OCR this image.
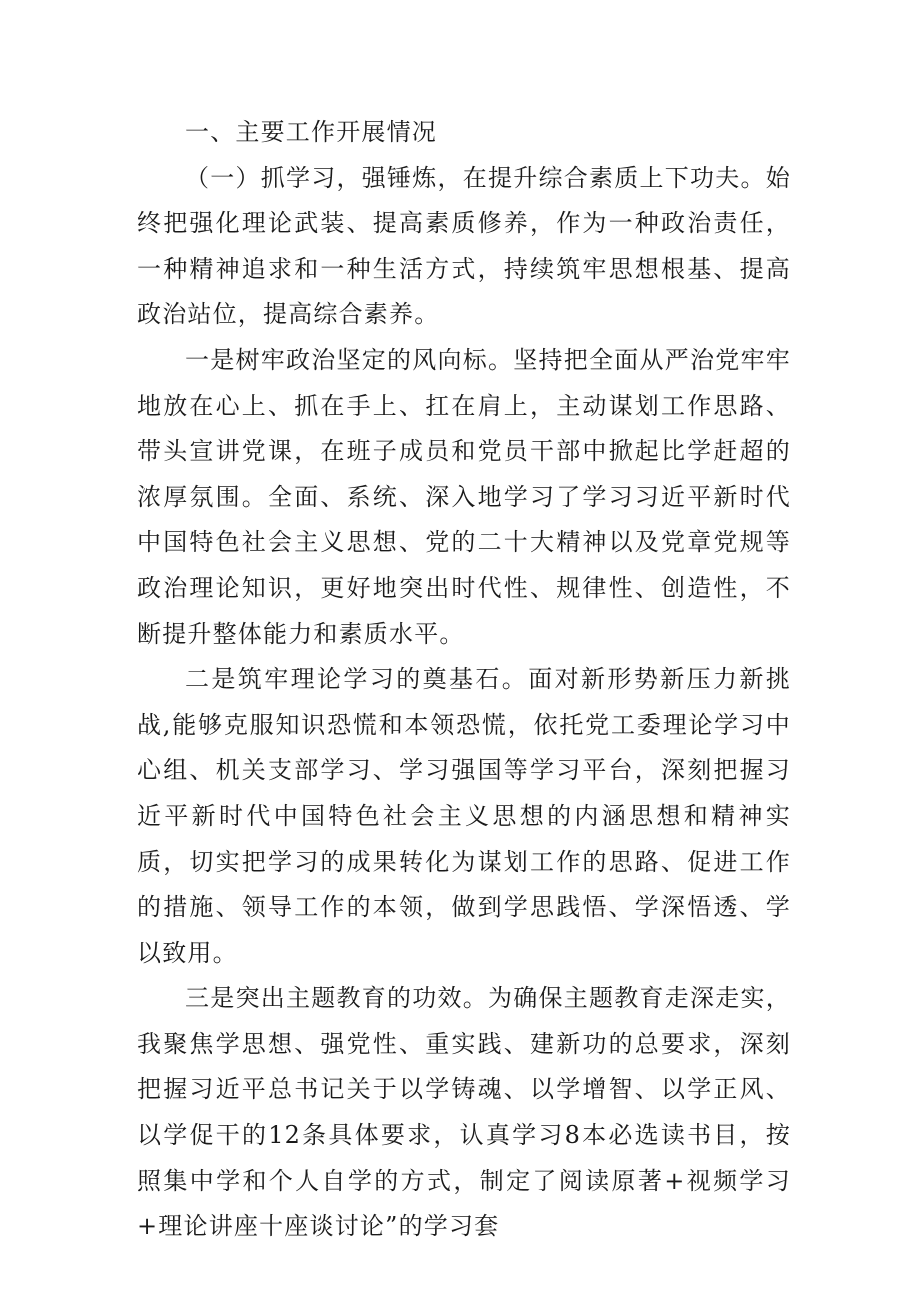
一、主要工作开展情况

（一）抓学习，强锤炼，在提升综合素质上下功夫。始终把强化理论武装、提高素质修养，作为一种政治责任，一种精神追求和一种生活方式，持续筑牢思想根基、提高政治站位，提高综合素养。

一是树牢政治坚定的风向标。坚持把全面从严治党牢牢地放在心上、抓在手上、扛在肩上，主动谋划工作思路、带头宣讲党课，在班子成员和党员干部中掀起比学赶超的浓厚氛围。全面、系统、深入地学习了学习习近平新时代中国特色社会主义思想、党的二十大精神以及党章党规等政治理论知识，更好地突出时代性、规律性、创造性，不断提升整体能力和素质水平。

二是筑牢理论学习的奠基石。面对新形势新压力新挑战,能够克服知识恐慌和本领恐慌，依托党工委理论学习中心组、机关支部学习、学习强国等学习平台，深刻把握习近平新时代中国特色社会主义思想的内涵思想和精神实质，切实把学习的成果转化为谋划工作的思路、促进工作的措施、领导工作的本领，做到学思践悟、学深悟透、学以致用。

三是突出主题教育的功效。为确保主题教育走深走实，我聚焦学思想、强党性、重实践、建新功的总要求，深刻把握习近平总书记关于以学铸魂、以学增智、以学正风、以学促干的12条具体要求，认真学习8本必选读书目，按照集中学和个人自学的方式，制定了阅读原著+视频学习+理论讲座十座谈讨论”的学习套
